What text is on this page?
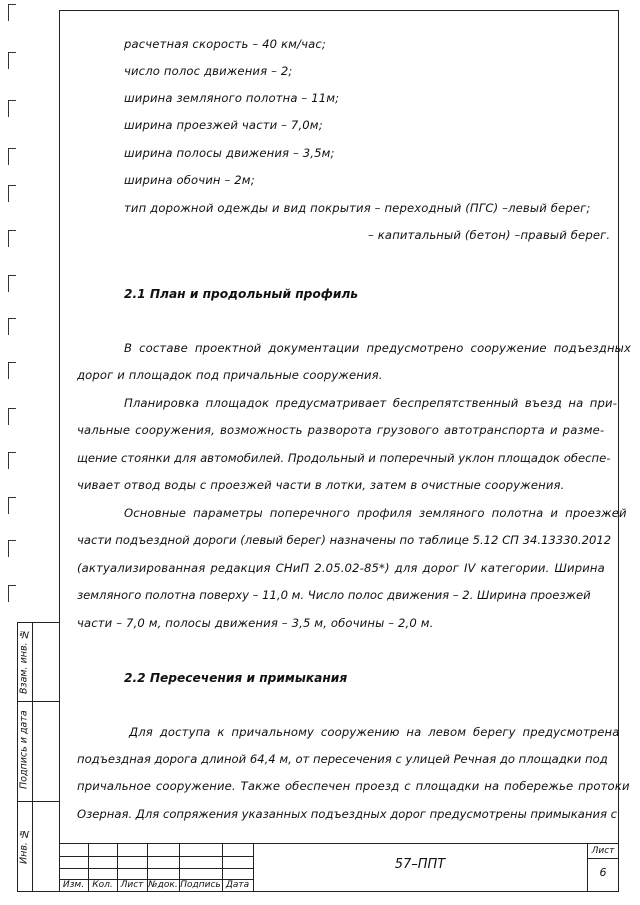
расчетная скорость – 40 км/час;
число полос движения – 2;
ширина земляного полотна – 11м;
ширина проезжей части – 7,0м;
ширина полосы движения – 3,5м;
ширина обочин – 2м;
тип дорожной одежды и вид покрытия – переходный (ПГС) –левый берег;
– капитальный (бетон) –правый берег.
2.1 План и продольный профиль
В составе проектной документации предусмотрено сооружение подъездных
дорог и площадок под причальные сооружения.
Планировка площадок предусматривает беспрепятственный въезд на при-
чальные сооружения, возможность разворота грузового автотранспорта и разме-
щение стоянки для автомобилей. Продольный и поперечный уклон площадок обеспе-
чивает отвод воды с проезжей части в лотки, затем в очистные сооружения.
Основные параметры поперечного профиля земляного полотна и проезжей
части подъездной дороги (левый берег) назначены по таблице 5.12 СП 34.13330.2012
(актуализированная редакция СНиП 2.05.02-85*) для дорог IV категории. Ширина
земляного полотна поверху – 11,0 м. Число полос движения – 2. Ширина проезжей
части – 7,0 м, полосы движения – 3,5 м, обочины – 2,0 м.
2.2 Пересечения и примыкания
Для доступа к причальному сооружению на левом берегу предусмотрена
подъездная дорога длиной 64,4 м, от пересечения с улицей Речная до площадки под
причальное сооружение. Также обеспечен проезд с площадки на побережье протоки
Озерная. Для сопряжения указанных подъездных дорог предусмотрены примыкания с
Взам. инв. №
Подпись и дата
Инв. №
Изм. Кол. Лист №док. Подпись Дата
57–ППТ
Лист
6
